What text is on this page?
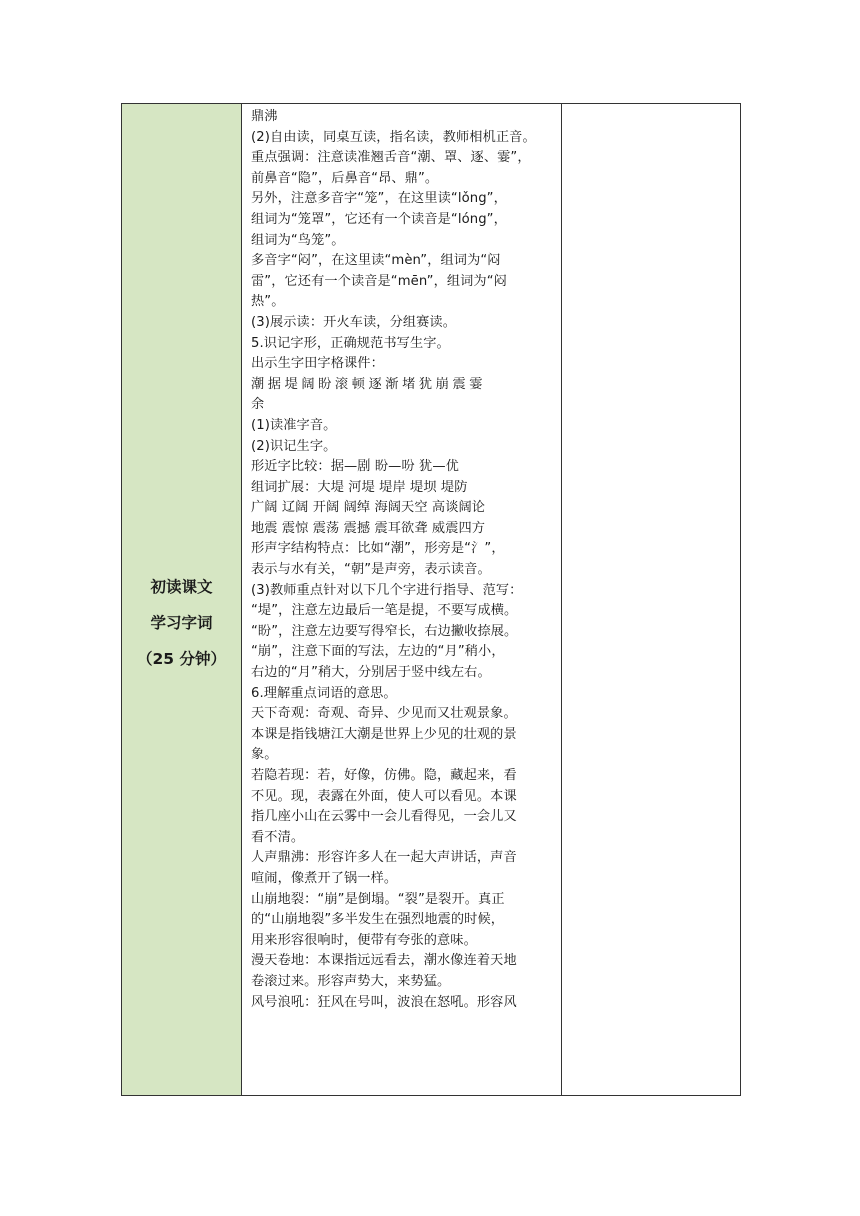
初读课文
学习字词
（25 分钟）
鼎沸
(2)自由读，同桌互读，指名读，教师相机正音。
重点强调：注意读准翘舌音“潮、罩、逐、霎”，
前鼻音“隐”，后鼻音“昂、鼎”。
另外，注意多音字“笼”，在这里读“lǒng”，
组词为“笼罩”，它还有一个读音是“lóng”，
组词为“鸟笼”。
多音字“闷”，在这里读“mèn”，组词为“闷
雷”，它还有一个读音是“mēn”，组词为“闷
热”。
(3)展示读：开火车读，分组赛读。
5.识记字形，正确规范书写生字。
出示生字田字格课件：
潮据堤阔盼滚顿逐渐堵犹崩震霎
余
(1)读准字音。
(2)识记生字。
形近字比较：据—剧 盼—吩 犹—优
组词扩展：大堤 河堤 堤岸 堤坝 堤防
广阔 辽阔 开阔 阔绰 海阔天空 高谈阔论
地震 震惊 震荡 震撼 震耳欲聋 威震四方
形声字结构特点：比如“潮”，形旁是“氵”，
表示与水有关，“朝”是声旁，表示读音。
(3)教师重点针对以下几个字进行指导、范写：
“堤”，注意左边最后一笔是提，不要写成横。
“盼”，注意左边要写得窄长，右边撇收捺展。
“崩”，注意下面的写法，左边的“月”稍小，
右边的“月”稍大，分别居于竖中线左右。
6.理解重点词语的意思。
天下奇观：奇观、奇异、少见而又壮观景象。
本课是指钱塘江大潮是世界上少见的壮观的景
象。
若隐若现：若，好像，仿佛。隐，藏起来，看
不见。现，表露在外面，使人可以看见。本课
指几座小山在云雾中一会儿看得见，一会儿又
看不清。
人声鼎沸：形容许多人在一起大声讲话，声音
喧闹，像煮开了锅一样。
山崩地裂：“崩”是倒塌。“裂”是裂开。真正
的“山崩地裂”多半发生在强烈地震的时候，
用来形容很响时，便带有夸张的意味。
漫天卷地：本课指远远看去，潮水像连着天地
卷滚过来。形容声势大，来势猛。
风号浪吼：狂风在号叫，波浪在怒吼。形容风
